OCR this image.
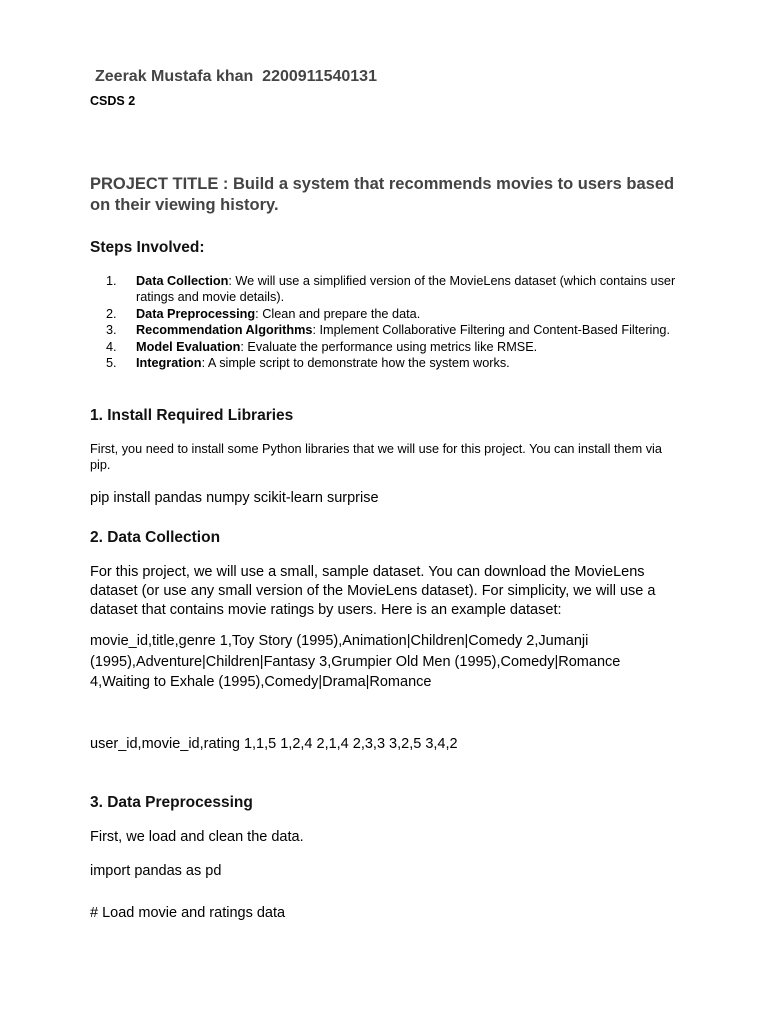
Zeerak Mustafa khan  2200911540131

CSDS 2

PROJECT TITLE : Build a system that recommends movies to users based on their viewing history.

Steps Involved:

1. Data Collection: We will use a simplified version of the MovieLens dataset (which contains user ratings and movie details).
2. Data Preprocessing: Clean and prepare the data.
3. Recommendation Algorithms: Implement Collaborative Filtering and Content-Based Filtering.
4. Model Evaluation: Evaluate the performance using metrics like RMSE.
5. Integration: A simple script to demonstrate how the system works.

1. Install Required Libraries

First, you need to install some Python libraries that we will use for this project. You can install them via pip.

pip install pandas numpy scikit-learn surprise

2. Data Collection

For this project, we will use a small, sample dataset. You can download the MovieLens dataset (or use any small version of the MovieLens dataset). For simplicity, we will use a dataset that contains movie ratings by users. Here is an example dataset:

movie_id,title,genre 1,Toy Story (1995),Animation|Children|Comedy 2,Jumanji (1995),Adventure|Children|Fantasy 3,Grumpier Old Men (1995),Comedy|Romance 4,Waiting to Exhale (1995),Comedy|Drama|Romance

user_id,movie_id,rating 1,1,5 1,2,4 2,1,4 2,3,3 3,2,5 3,4,2

3. Data Preprocessing

First, we load and clean the data.

import pandas as pd

# Load movie and ratings data
